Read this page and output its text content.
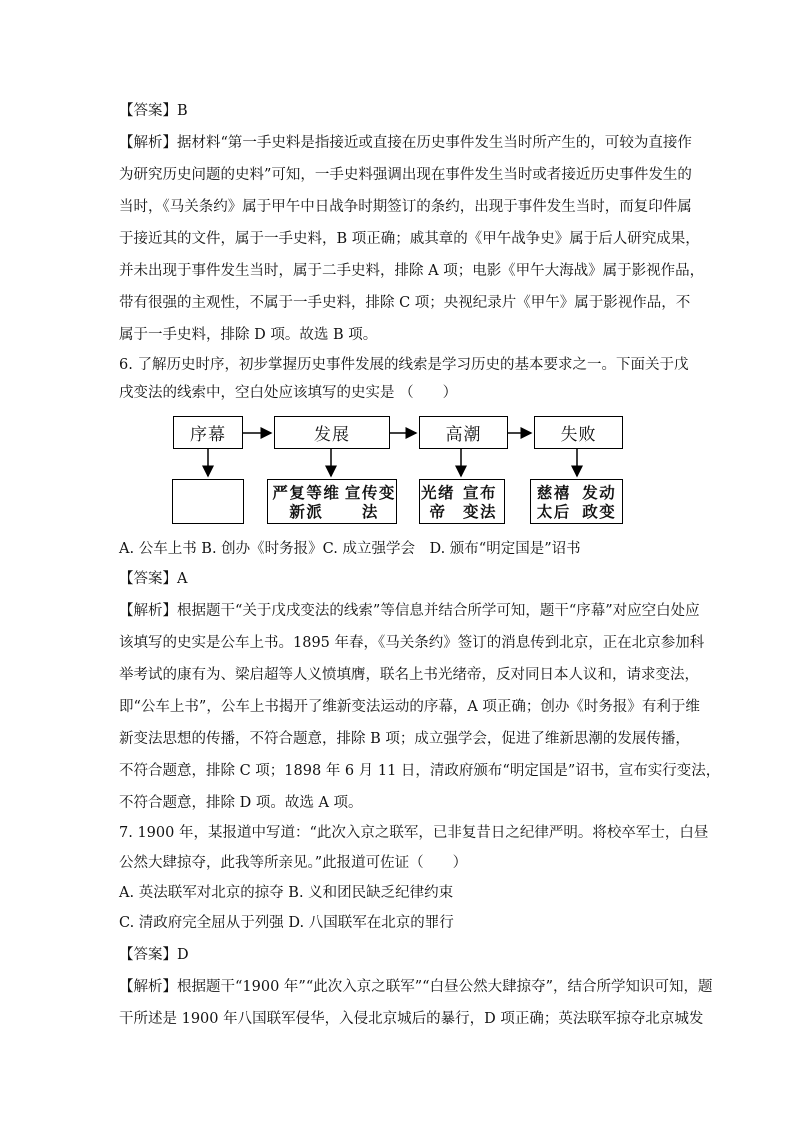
【答案】B
【解析】据材料“第一手史料是指接近或直接在历史事件发生当时所产生的，可较为直接作
为研究历史问题的史料”可知，一手史料强调出现在事件发生当时或者接近历史事件发生的
当时，《马关条约》属于甲午中日战争时期签订的条约，出现于事件发生当时，而复印件属
于接近其的文件，属于一手史料，B 项正确；戚其章的《甲午战争史》属于后人研究成果，
并未出现于事件发生当时，属于二手史料，排除 A 项；电影《甲午大海战》属于影视作品，
带有很强的主观性，不属于一手史料，排除 C 项；央视纪录片《甲午》属于影视作品，不
属于一手史料，排除 D 项。故选 B 项。
6. 了解历史时序，初步掌握历史事件发展的线索是学习历史的基本要求之一。下面关于戊
戌变法的线索中，空白处应该填写的史实是 （　　）
序幕	发展	高潮	失败
严复等维新派
宣传变法
光绪帝
宣布变法
慈禧太后
发动政变
A. 公车上书 B. 创办《时务报》C. 成立强学会　D. 颁布“明定国是”诏书
【答案】A
【解析】根据题干“关于戊戌变法的线索”等信息并结合所学可知，题干“序幕”对应空白处应
该填写的史实是公车上书。1895 年春，《马关条约》签订的消息传到北京，正在北京参加科
举考试的康有为、梁启超等人义愤填膺，联名上书光绪帝，反对同日本人议和，请求变法，
即“公车上书”，公车上书揭开了维新变法运动的序幕，A 项正确；创办《时务报》有利于维
新变法思想的传播，不符合题意，排除 B 项；成立强学会，促进了维新思潮的发展传播，
不符合题意，排除 C 项；1898 年 6 月 11 日，清政府颁布“明定国是”诏书，宣布实行变法，
不符合题意，排除 D 项。故选 A 项。
7. 1900 年，某报道中写道：“此次入京之联军，已非复昔日之纪律严明。将校卒军士，白昼
公然大肆掠夺，此我等所亲见。”此报道可佐证（　　）
A. 英法联军对北京的掠夺 B. 义和团民缺乏纪律约束
C. 清政府完全屈从于列强 D. 八国联军在北京的罪行
【答案】D
【解析】根据题干“1900 年”“此次入京之联军”“白昼公然大肆掠夺”，结合所学知识可知，题
干所述是 1900 年八国联军侵华，入侵北京城后的暴行，D 项正确；英法联军掠夺北京城发
